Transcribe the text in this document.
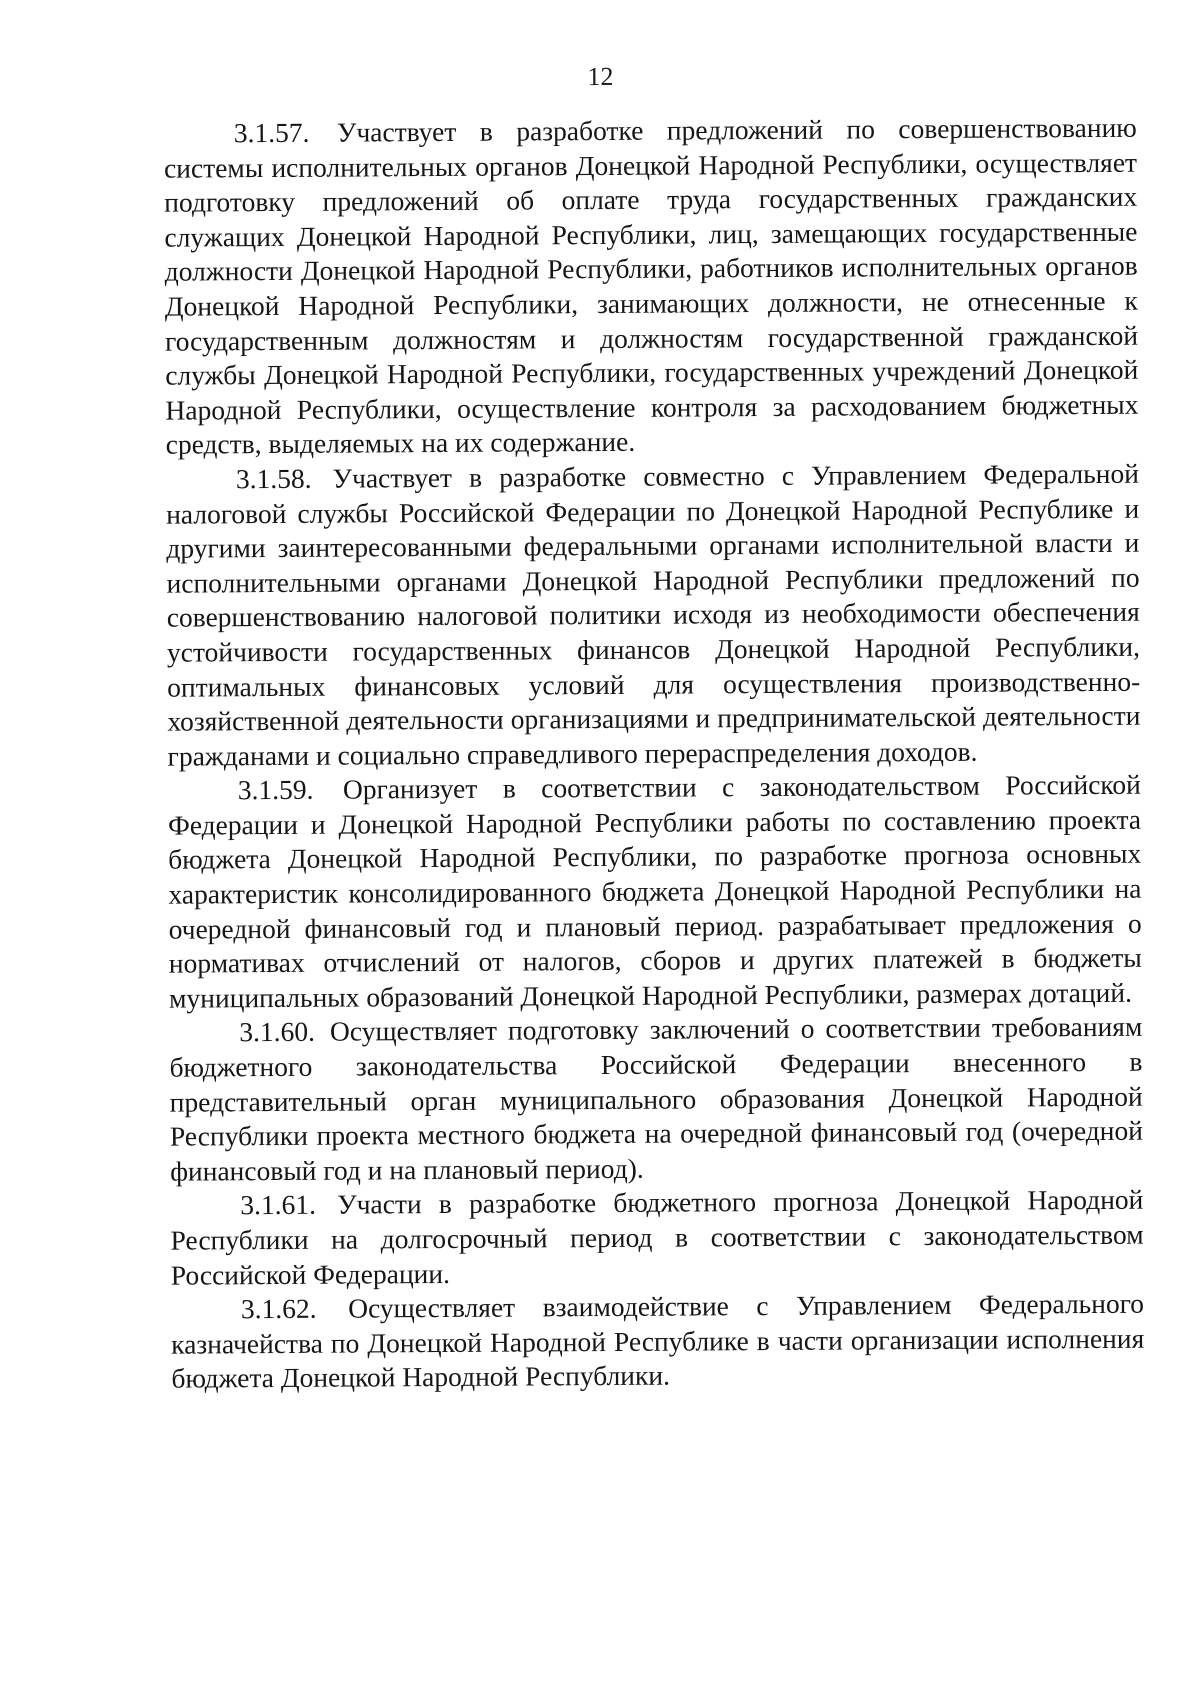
12

3.1.57. Участвует в разработке предложений по совершенствованию системы исполнительных органов Донецкой Народной Республики, осуществляет подготовку предложений об оплате труда государственных гражданских служащих Донецкой Народной Республики, лиц, замещающих государственные должности Донецкой Народной Республики, работников исполнительных органов Донецкой Народной Республики, занимающих должности, не отнесенные к государственным должностям и должностям государственной гражданской службы Донецкой Народной Республики, государственных учреждений Донецкой Народной Республики, осуществление контроля за расходованием бюджетных средств, выделяемых на их содержание.

3.1.58. Участвует в разработке совместно с Управлением Федеральной налоговой службы Российской Федерации по Донецкой Народной Республике и другими заинтересованными федеральными органами исполнительной власти и исполнительными органами Донецкой Народной Республики предложений по совершенствованию налоговой политики исходя из необходимости обеспечения устойчивости государственных финансов Донецкой Народной Республики, оптимальных финансовых условий для осуществления производственно-хозяйственной деятельности организациями и предпринимательской деятельности гражданами и социально справедливого перераспределения доходов.

3.1.59. Организует в соответствии с законодательством Российской Федерации и Донецкой Народной Республики работы по составлению проекта бюджета Донецкой Народной Республики, по разработке прогноза основных характеристик консолидированного бюджета Донецкой Народной Республики на очередной финансовый год и плановый период. разрабатывает предложения о нормативах отчислений от налогов, сборов и других платежей в бюджеты муниципальных образований Донецкой Народной Республики, размерах дотаций.

3.1.60. Осуществляет подготовку заключений о соответствии требованиям бюджетного законодательства Российской Федерации внесенного в представительный орган муниципального образования Донецкой Народной Республики проекта местного бюджета на очередной финансовый год (очередной финансовый год и на плановый период).

3.1.61. Участи в разработке бюджетного прогноза Донецкой Народной Республики на долгосрочный период в соответствии с законодательством Российской Федерации.

3.1.62. Осуществляет взаимодействие с Управлением Федерального казначейства по Донецкой Народной Республике в части организации исполнения бюджета Донецкой Народной Республики.
